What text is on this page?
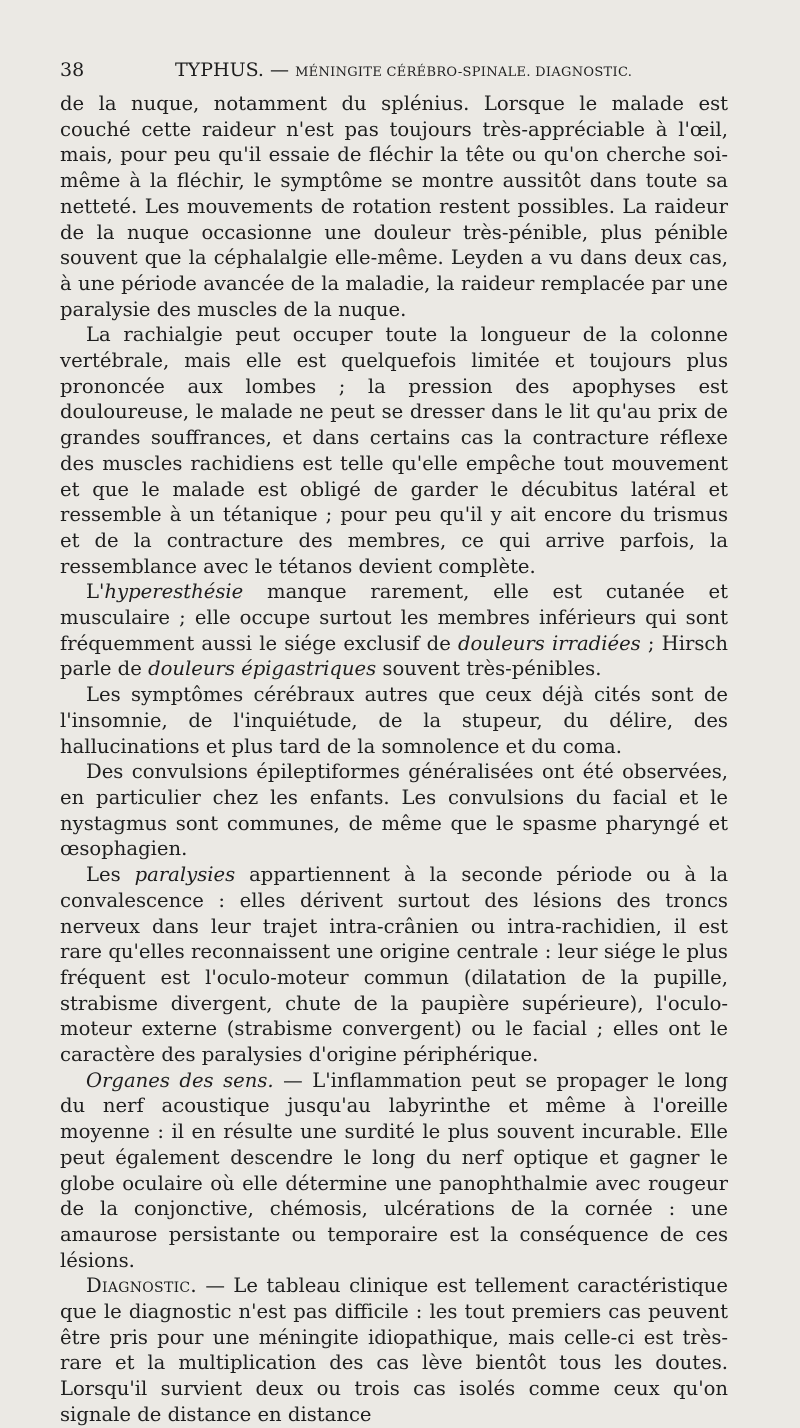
38	TYPHUS. — MÉNINGITE CÉRÉBRO-SPINALE. DIAGNOSTIC.

de la nuque, notamment du splénius. Lorsque le malade est couché cette raideur n'est pas toujours très-appréciable à l'œil, mais, pour peu qu'il essaie de fléchir la tête ou qu'on cherche soi-même à la fléchir, le symptôme se montre aussitôt dans toute sa netteté. Les mouvements de rotation restent possibles. La raideur de la nuque occasionne une douleur très-pénible, plus pénible souvent que la céphalalgie elle-même. Leyden a vu dans deux cas, à une période avancée de la maladie, la raideur remplacée par une paralysie des muscles de la nuque.

La rachialgie peut occuper toute la longueur de la colonne vertébrale, mais elle est quelquefois limitée et toujours plus prononcée aux lombes ; la pression des apophyses est douloureuse, le malade ne peut se dresser dans le lit qu'au prix de grandes souffrances, et dans certains cas la contracture réflexe des muscles rachidiens est telle qu'elle empêche tout mouvement et que le malade est obligé de garder le décubitus latéral et ressemble à un tétanique ; pour peu qu'il y ait encore du trismus et de la contracture des membres, ce qui arrive parfois, la ressemblance avec le tétanos devient complète.

L'hyperesthésie manque rarement, elle est cutanée et musculaire ; elle occupe surtout les membres inférieurs qui sont fréquemment aussi le siége exclusif de douleurs irradiées ; Hirsch parle de douleurs épigastriques souvent très-pénibles.

Les symptômes cérébraux autres que ceux déjà cités sont de l'insomnie, de l'inquiétude, de la stupeur, du délire, des hallucinations et plus tard de la somnolence et du coma.

Des convulsions épileptiformes généralisées ont été observées, en particulier chez les enfants. Les convulsions du facial et le nystagmus sont communes, de même que le spasme pharyngé et œsophagien.

Les paralysies appartiennent à la seconde période ou à la convalescence : elles dérivent surtout des lésions des troncs nerveux dans leur trajet intra-crânien ou intra-rachidien, il est rare qu'elles reconnaissent une origine centrale : leur siége le plus fréquent est l'oculo-moteur commun (dilatation de la pupille, strabisme divergent, chute de la paupière supérieure), l'oculo-moteur externe (strabisme convergent) ou le facial ; elles ont le caractère des paralysies d'origine périphérique.

Organes des sens. — L'inflammation peut se propager le long du nerf acoustique jusqu'au labyrinthe et même à l'oreille moyenne : il en résulte une surdité le plus souvent incurable. Elle peut également descendre le long du nerf optique et gagner le globe oculaire où elle détermine une panophthalmie avec rougeur de la conjonctive, chémosis, ulcérations de la cornée : une amaurose persistante ou temporaire est la conséquence de ces lésions.

Diagnostic. — Le tableau clinique est tellement caractéristique que le diagnostic n'est pas difficile : les tout premiers cas peuvent être pris pour une méningite idiopathique, mais celle-ci est très-rare et la multiplication des cas lève bientôt tous les doutes. Lorsqu'il survient deux ou trois cas isolés comme ceux qu'on signale de distance en distance
